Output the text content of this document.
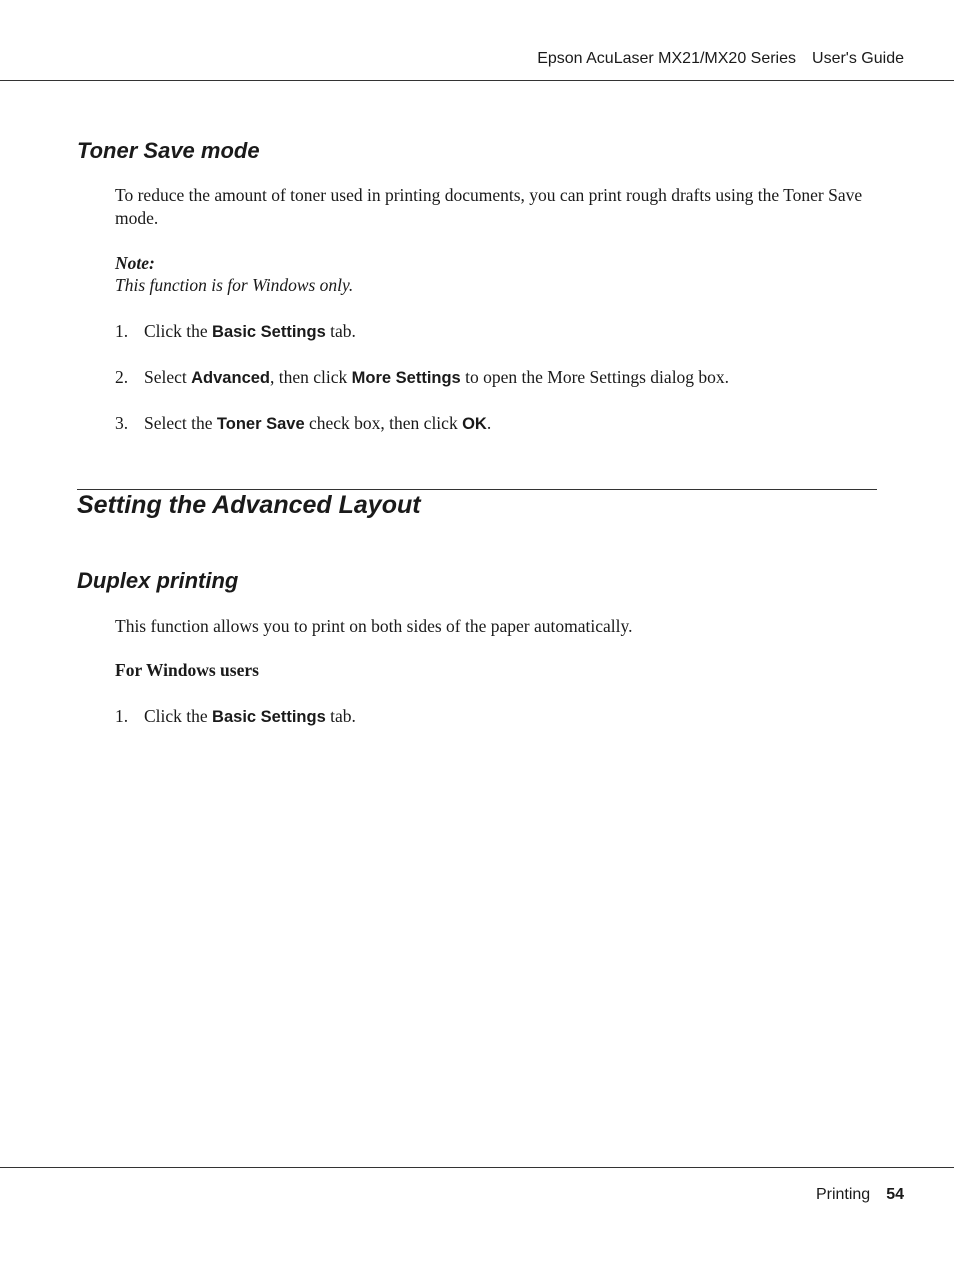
Epson AcuLaser MX21/MX20 Series User's Guide
Toner Save mode

To reduce the amount of toner used in printing documents, you can print rough drafts using the Toner Save mode.

Note:
This function is for Windows only.
1. Click the Basic Settings tab.
2. Select Advanced, then click More Settings to open the More Settings dialog box.
3. Select the Toner Save check box, then click OK.
Setting the Advanced Layout
Duplex printing

This function allows you to print on both sides of the paper automatically.

For Windows users
1. Click the Basic Settings tab.
Printing 54
